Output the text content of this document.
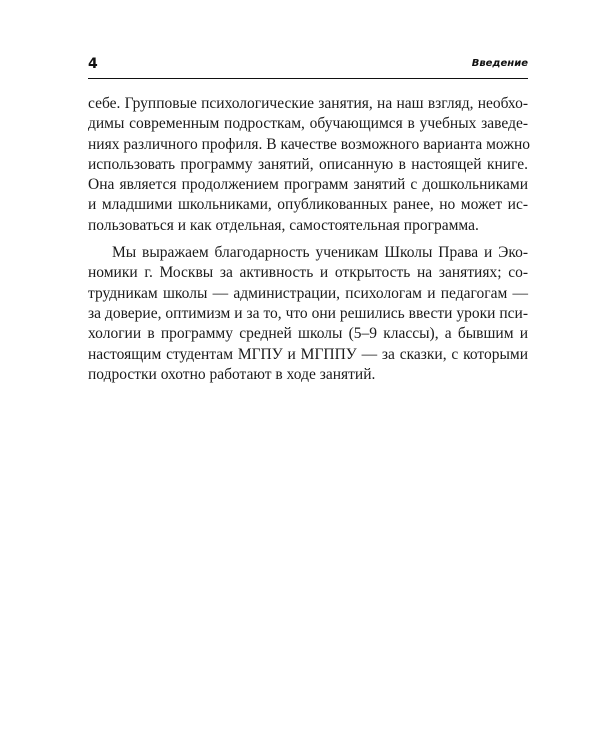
4	Введение
себе. Групповые психологические занятия, на наш взгляд, необхо-
димы современным подросткам, обучающимся в учебных заведе-
ниях различного профиля. В качестве возможного варианта можно
использовать программу занятий, описанную в настоящей книге.
Она является продолжением программ занятий с дошкольниками
и младшими школьниками, опубликованных ранее, но может ис-
пользоваться и как отдельная, самостоятельная программа.
Мы выражаем благодарность ученикам Школы Права и Эко-
номики г. Москвы за активность и открытость на занятиях; со-
трудникам школы — администрации, психологам и педагогам —
за доверие, оптимизм и за то, что они решились ввести уроки пси-
хологии в программу средней школы (5–9 классы), а бывшим и
настоящим студентам МГПУ и МГППУ — за сказки, с которыми
подростки охотно работают в ходе занятий.
